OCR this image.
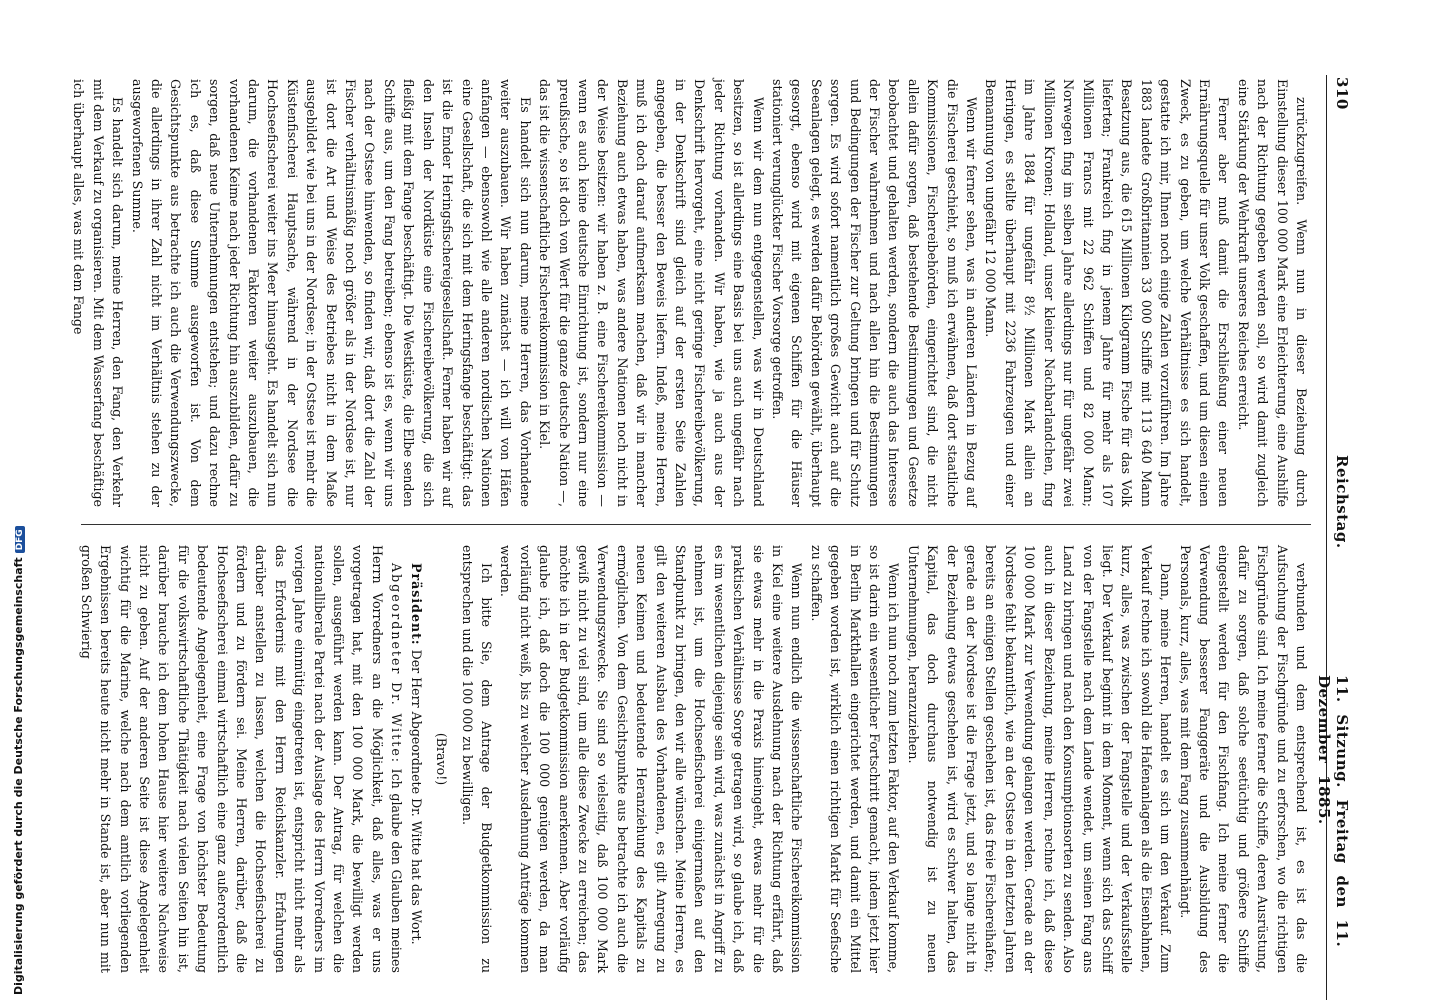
310
Reichstag.
11. Sitzung. Freitag den 11. Dezember 1885.

zurückzugreifen. Wenn nun in dieser Beziehung durch Einstellung dieser 100 000 Mark eine Erleichterung, eine Aushilfe nach der Richtung gegeben werden soll, so wird damit zugleich eine Stärkung der Wehrkraft unseres Reiches erreicht.

Ferner aber muß damit die Erschließung einer neuen Ernährungsquelle für unser Volk geschaffen, und um diesen einen Zweck, es zu geben, um welche Verhältnisse es sich handelt, gestatte ich mir, Ihnen noch einige Zahlen vorzuführen. Im Jahre 1883 landete Großbritannien 33 000 Schiffe mit 113 640 Mann Besatzung aus, die 615 Millionen Kilogramm Fische für das Volk lieferten; Frankreich fing in jenem Jahre für mehr als 107 Millionen Francs mit 22 962 Schiffen und 82 000 Mann; Norwegen fing im selben Jahre allerdings nur für ungefähr zwei Millionen Kronen; Holland, unser kleiner Nachbarlandchen, fing im Jahre 1884 für ungefähr 8½ Millionen Mark allein an Heringen, es stellte überhaupt mit 2236 Fahrzeugen und einer Bemannung von ungefähr 12 000 Mann.

Wenn wir ferner sehen, was in anderen Ländern in Bezug auf die Fischerei geschieht, so muß ich erwähnen, daß dort staatliche Kommissionen, Fischereibehörden, eingerichtet sind, die nicht allein dafür sorgen, daß bestehende Bestimmungen und Gesetze beobachtet und gehalten werden, sondern die auch das Interesse der Fischer wahrnehmen und nach allen hin die Bestimmungen und Bedingungen der Fischer zur Geltung bringen und für Schutz sorgen. Es wird sofort namentlich großes Gewicht auch auf die Seeanlagen gelegt, es werden dafür Behörden gewählt, überhaupt gesorgt, ebenso wird mit eigenen Schiffen für die Häuser stationiert verunglückter Fischer Vorsorge getroffen.

Wenn wir dem nun entgegenstellen, was wir in Deutschland besitzen, so ist allerdings eine Basis bei uns auch ungefähr nach jeder Richtung vorhanden. Wir haben, wie ja auch aus der Denkschrift hervorgeht, eine nicht geringe Fischereibevölkerung, in der Denkschrift sind gleich auf der ersten Seite Zahlen angegeben, die besser den Beweis liefern. Indeß, meine Herren, muß ich doch darauf aufmerksam machen, daß wir in mancher Beziehung auch etwas haben, was andere Nationen noch nicht in der Weise besitzen: wir haben z. B. eine Fischereikommission — wenn es auch keine deutsche Einrichtung ist, sondern nur eine preußische, so ist doch von Wert für die ganze deutsche Nation —, das ist die wissenschaftliche Fischereikommission in Kiel.

Es handelt sich nun darum, meine Herren, das Vorhandene weiter auszubauen. Wir haben zunächst — ich will von Häfen anfangen — ebensowohl wie alle anderen nordischen Nationen eine Gesellschaft, die sich mit dem Heringsfange beschäftigt: das ist die Emder Heringsfischereigesellschaft. Ferner haben wir auf den Inseln der Nordküste eine Fischereibevölkerung, die sich fleißig mit dem Fange beschäftigt. Die Westküste, die Elbe senden Schiffe aus, um den Fang betreiben; ebenso ist es, wenn wir uns nach der Ostsee hinwenden, so finden wir, daß dort die Zahl der Fischer verhältnismäßig noch größer als in der Nordsee ist, nur ist dort die Art und Weise des Betriebes nicht in dem Maße ausgebildet wie bei uns in der Nordsee; in der Ostsee ist mehr die Küstenfischerei Hauptsache, während in der Nordsee die Hochseefischerei weiter ins Meer hinausgeht. Es handelt sich nun darum, die vorhandenen Faktoren weiter auszubauen, die vorhandenen Keime nach jeder Richtung hin auszubilden, dafür zu sorgen, daß neue Unternehmungen entstehen; und dazu rechne ich es, daß diese Summe ausgeworfen ist. Von dem Gesichtspunkte aus betrachte ich auch die Verwendungszwecke, die allerdings in ihrer Zahl nicht im Verhältnis stehen zu der ausgeworfenen Summe.

Es handelt sich darum, meine Herren, den Fang, den Verkehr mit dem Verkauf zu organisieren. Mit dem Wasserfang beschäftige ich überhaupt alles, was mit dem Fange

verbunden und dem entsprechend ist, es ist das die Aufsuchung der Fischgründe und zu erforschen, wo die richtigen Fischgründe sind. Ich meine ferner die Schiffe, deren Ausrüstung, dafür zu sorgen, daß solche seetüchtig und größere Schiffe eingestellt werden für den Fischfang. Ich meine ferner die Verwendung besserer Fanggeräte und die Ausbildung des Personals, kurz, alles, was mit dem Fang zusammenhängt.

Dann, meine Herren, handelt es sich um den Verkauf. Zum Verkauf rechne ich sowohl die Hafenanlagen als die Eisenbahnen, kurz, alles, was zwischen der Fangstelle und der Verkaufsstelle liegt. Der Verkauf beginnt in dem Moment, wenn sich das Schiff von der Fangstelle nach dem Lande wendet, um seinen Fang ans Land zu bringen und nach den Konsumptionsorten zu senden. Also auch in dieser Beziehung, meine Herren, rechne ich, daß diese 100 000 Mark zur Verwendung gelangen werden. Gerade an der Nordsee fehlt bekanntlich, wie an der Ostsee in den letzten Jahren bereits an einigen Stellen geschehen ist, das freie Fischereihafen; gerade an der Nordsee ist die Frage jetzt, und so lange nicht in der Beziehung etwas geschehen ist, wird es schwer halten, das Kapital, das doch durchaus notwendig ist zu neuen Unternehmungen, heranzuziehen.

Wenn ich nun noch zum letzten Faktor, auf den Verkauf komme, so ist darin ein wesentlicher Fortschritt gemacht, indem jetzt hier in Berlin Markthallen eingerichtet werden, und damit ein Mittel gegeben worden ist, wirklich einen richtigen Markt für Seefische zu schaffen.

Wenn nun endlich die wissenschaftliche Fischereikommission in Kiel eine weitere Ausdehnung nach der Richtung erfährt, daß sie etwas mehr in die Praxis hineingeht, etwas mehr für die praktischen Verhältnisse Sorge getragen wird, so glaube ich, daß es im wesentlichen diejenige sein wird, was zunächst in Angriff zu nehmen ist, um die Hochseefischerei einigermaßen auf den Standpunkt zu bringen, den wir alle wünschen. Meine Herren, es gilt den weiteren Ausbau des Vorhandenen, es gilt Anregung zu neuen Keimen und bedeutende Heranziehung des Kapitals zu ermöglichen. Von dem Gesichtspunkte aus betrachte ich auch die Verwendungszwecke. Sie sind so vielseitig, daß 100 000 Mark gewiß nicht zu viel sind, um alle diese Zwecke zu erreichen; das möchte ich in der Budgetkommission anerkennen. Aber vorläufig glaube ich, daß doch die 100 000 genügen werden, da man vorläufig nicht weiß, bis zu welcher Ausdehnung Anträge kommen werden.

Ich bitte Sie, dem Antrage der Budgetkommission zu entsprechen und die 100 000 zu bewilligen.

(Bravo!)

Präsident: Der Herr Abgeordnete Dr. Witte hat das Wort.

Abgeordneter Dr. Witte: Ich glaube den Glauben meines Herrn Vorredners an die Möglichkeit, daß alles, was er uns vorgetragen hat, mit den 100 000 Mark, die bewilligt werden sollen, ausgeführt werden kann. Der Antrag, für welchen die nationalliberale Partei nach der Auslage des Herrn Vorredners im vorigen Jahre einmütig eingetreten ist, entspricht nicht mehr als das Erfordernis mit den Herrn Reichskanzler. Erfahrungen darüber anstellen zu lassen, welchen die Hochseefischerei zu fördern und zu fördern sei. Meine Herren, darüber, daß die Hochseefischerei einmal wirtschaftlich eine ganz außerordentlich bedeutende Angelegenheit, eine Frage von höchster Bedeutung für die volkswirtschaftliche Thätigkeit nach vielen Seiten hin ist, darüber brauche ich dem hohen Hause hier weitere Nachweise nicht zu geben. Auf der anderen Seite ist diese Angelegenheit wichtig für die Marine, welche nach dem amtlich vorliegenden Ergebnissen bereits heute nicht mehr in Stande ist, aber nun mit großen Schwierig

Digitalisierung gefördert durch die Deutsche ForschungsgemeinschaftDFG
